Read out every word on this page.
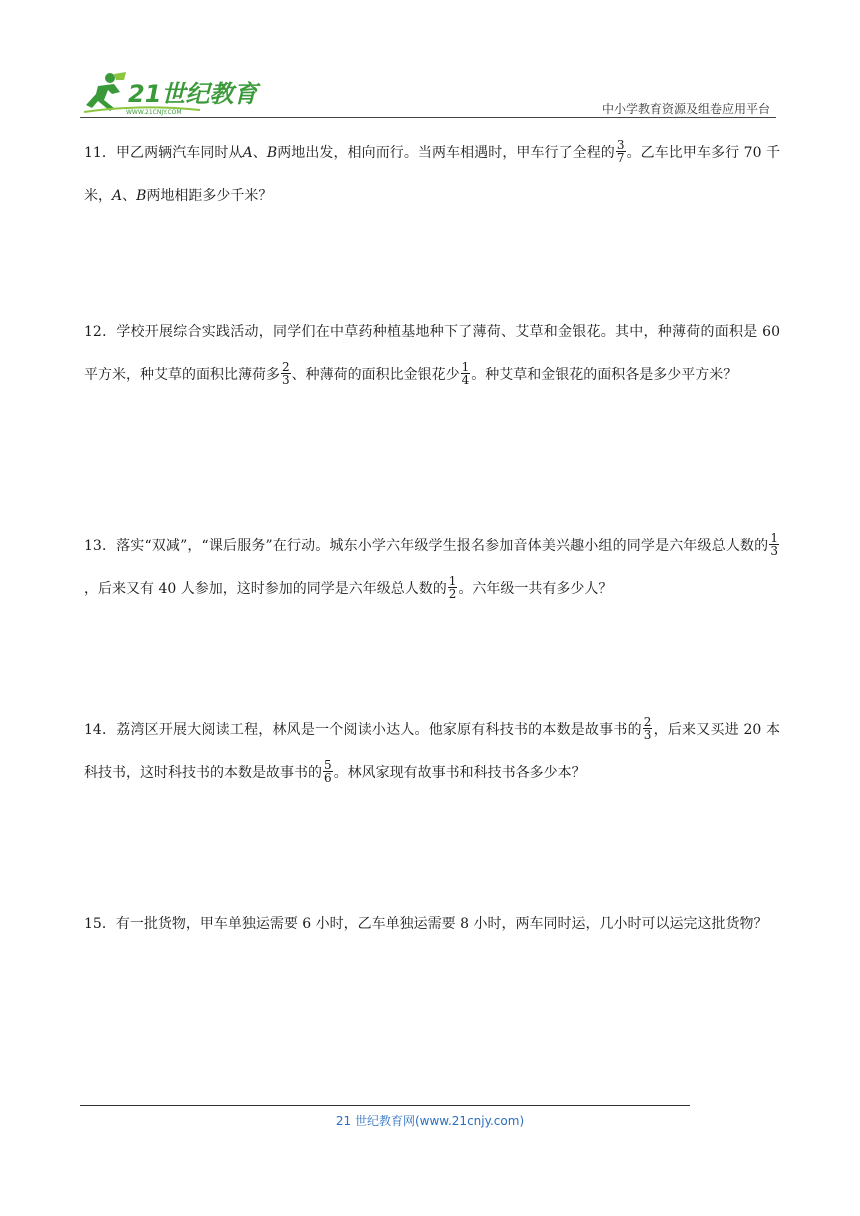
21世纪教育
WWW.21CNJY.COM	中小学教育资源及组卷应用平台
11．甲乙两辆汽车同时从A、B两地出发，相向而行。当两车相遇时，甲车行了全程的 $\frac{3}{7}$ 。乙车比甲车多行 70 千米，A、B两地相距多少千米？
12．学校开展综合实践活动，同学们在中草药种植基地种下了薄荷、艾草和金银花。其中，种薄荷的面积是 60 平方米，种艾草的面积比薄荷多 $\frac{2}{3}$ 、种薄荷的面积比金银花少 $\frac{1}{4}$ 。种艾草和金银花的面积各是多少平方米？
13．落实“双减”，“课后服务”在行动。城东小学六年级学生报名参加音体美兴趣小组的同学是六年级总人数的 $\frac{1}{3}$
，后来又有 40 人参加，这时参加的同学是六年级总人数的 $\frac{1}{2}$ 。六年级一共有多少人？
14．荔湾区开展大阅读工程，林风是一个阅读小达人。他家原有科技书的本数是故事书的 $\frac{2}{3}$ ，后来又买进 20 本科技书，这时科技书的本数是故事书的 $\frac{5}{6}$ 。林风家现有故事书和科技书各多少本？
15．有一批货物，甲车单独运需要 6 小时，乙车单独运需要 8 小时，两车同时运，几小时可以运完这批货物？
21 世纪教育网(www.21cnjy.com)
